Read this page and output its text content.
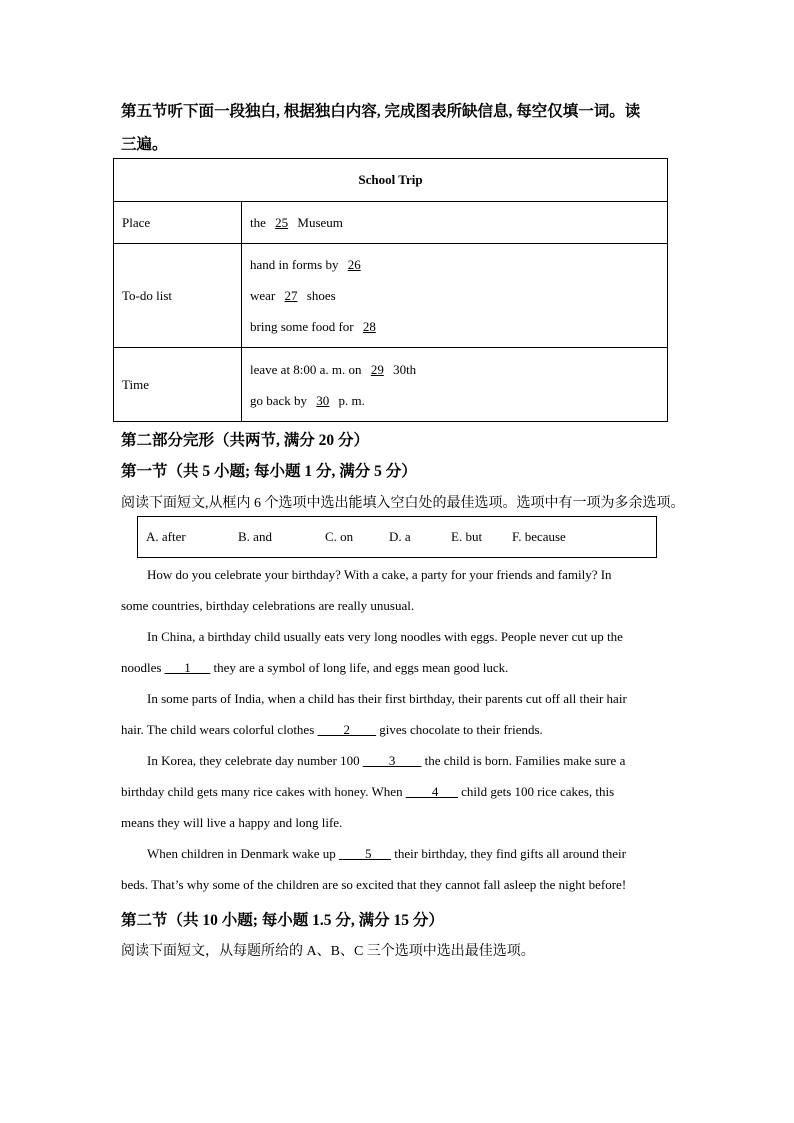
第五节听下面一段独白, 根据独白内容, 完成图表所缺信息, 每空仅填一词。读
三遍。
School Trip	
Place	the 25 Museum
To-do list	hand in forms by 26
wear 27 shoes
bring some food for 28

Time	leave at 8:00 a. m. on 29 30th
go back by 30 p. m.
第二部分完形（共两节, 满分 20 分）
第一节（共 5 小题; 每小题 1 分, 满分 5 分）
阅读下面短文,从框内 6 个选项中选出能填入空白处的最佳选项。选项中有一项为多余选项。
A. after	B. and	C. on	D. a	E. but F. because
How do you celebrate your birthday? With a cake, a party for your friends and family? In
some countries, birthday celebrations are really unusual.
In China, a birthday child usually eats very long noodles with eggs. People never cut up the
noodles ___1___ they are a symbol of long life, and eggs mean good luck.
In some parts of India, when a child has their first birthday, their parents cut off all their hair
hair. The child wears colorful clothes ____2____ gives chocolate to their friends.
In Korea, they celebrate day number 100 ____3____ the child is born. Families make sure a
birthday child gets many rice cakes with honey. When ____4___ child gets 100 rice cakes, this
means they will live a happy and long life.
When children in Denmark wake up ____5___ their birthday, they find gifts all around their
beds. That’s why some of the children are so excited that they cannot fall asleep the night before!
第二节（共 10 小题; 每小题 1.5 分, 满分 15 分）
阅读下面短文，从每题所给的 A、B、C 三个选项中选出最佳选项。
